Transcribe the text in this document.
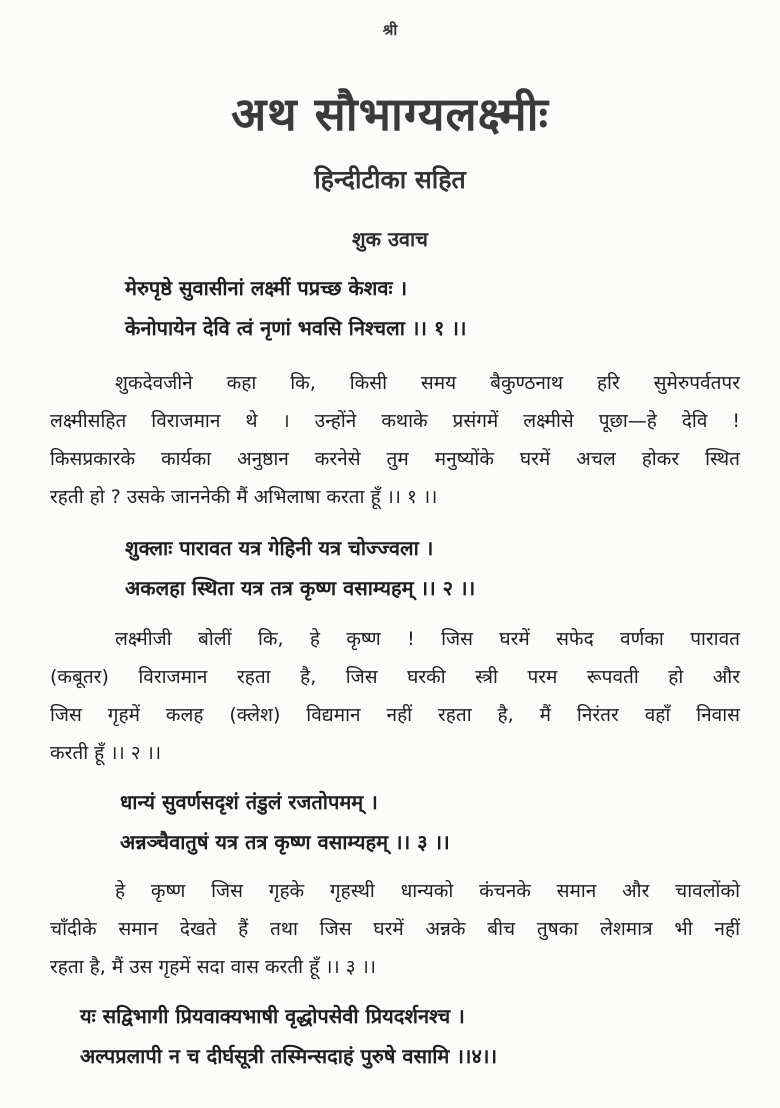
श्री
अथ सौभाग्यलक्ष्मीः
हिन्दीटीका सहित
शुक उवाच
मेरुपृष्ठे सुवासीनां लक्ष्मीं पप्रच्छ केशवः ।
केनोपायेन देवि त्वं नृणां भवसि निश्चला ।। १ ।।
शुकदेवजीने कहा कि, किसी समय बैकुण्ठनाथ हरि सुमेरुपर्वतपर
लक्ष्मीसहित विराजमान थे । उन्होंने कथाके प्रसंगमें लक्ष्मीसे पूछा—हे देवि !
किसप्रकारके कार्यका अनुष्ठान करनेसे तुम मनुष्योंके घरमें अचल होकर स्थित
रहती हो ? उसके जाननेकी मैं अभिलाषा करता हूँ ।। १ ।।
शुक्लाः पारावत यत्र गेहिनी यत्र चोज्ज्वला ।
अकलहा स्थिता यत्र तत्र कृष्ण वसाम्यहम् ।। २ ।।
लक्ष्मीजी बोलीं कि, हे कृष्ण ! जिस घरमें सफेद वर्णका पारावत
(कबूतर) विराजमान रहता है, जिस घरकी स्त्री परम रूपवती हो और
जिस गृहमें कलह (क्लेश) विद्यमान नहीं रहता है, मैं निरंतर वहाँ निवास
करती हूँ ।। २ ।।
धान्यं सुवर्णसदृशं तंडुलं रजतोपमम् ।
अन्नञ्चैवातुषं यत्र तत्र कृष्ण वसाम्यहम् ।। ३ ।।
हे कृष्ण जिस गृहके गृहस्थी धान्यको कंचनके समान और चावलोंको
चाँदीके समान देखते हैं तथा जिस घरमें अन्नके बीच तुषका लेशमात्र भी नहीं
रहता है, मैं उस गृहमें सदा वास करती हूँ ।। ३ ।।
यः सद्विभागी प्रियवाक्यभाषी वृद्धोपसेवी प्रियदर्शनश्च ।
अल्पप्रलापी न च दीर्घसूत्री तस्मिन्सदाहं पुरुषे वसामि ।।४।।
